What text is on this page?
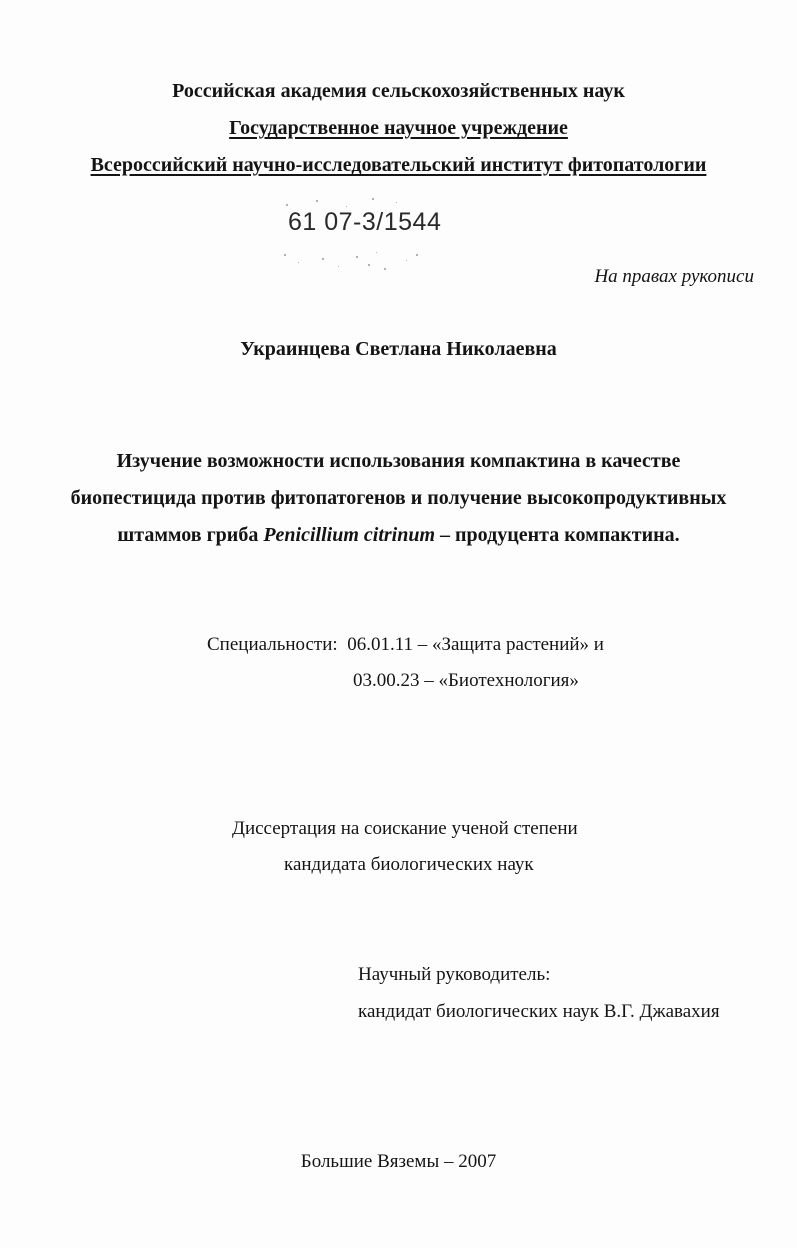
Российская академия сельскохозяйственных наук
Государственное научное учреждение
Всероссийский научно-исследовательский институт фитопатологии
61 07-3/1544
На правах рукописи
Украинцева Светлана Николаевна
Изучение возможности использования компактина в качестве
биопестицида против фитопатогенов и получение высокопродуктивных
штаммов гриба Penicillium citrinum – продуцента компактина.
Специальности: 06.01.11 – «Защита растений» и
03.00.23 – «Биотехнология»
Диссертация на соискание ученой степени
кандидата биологических наук
Научный руководитель:
кандидат биологических наук В.Г. Джавахия
Большие Вяземы – 2007
